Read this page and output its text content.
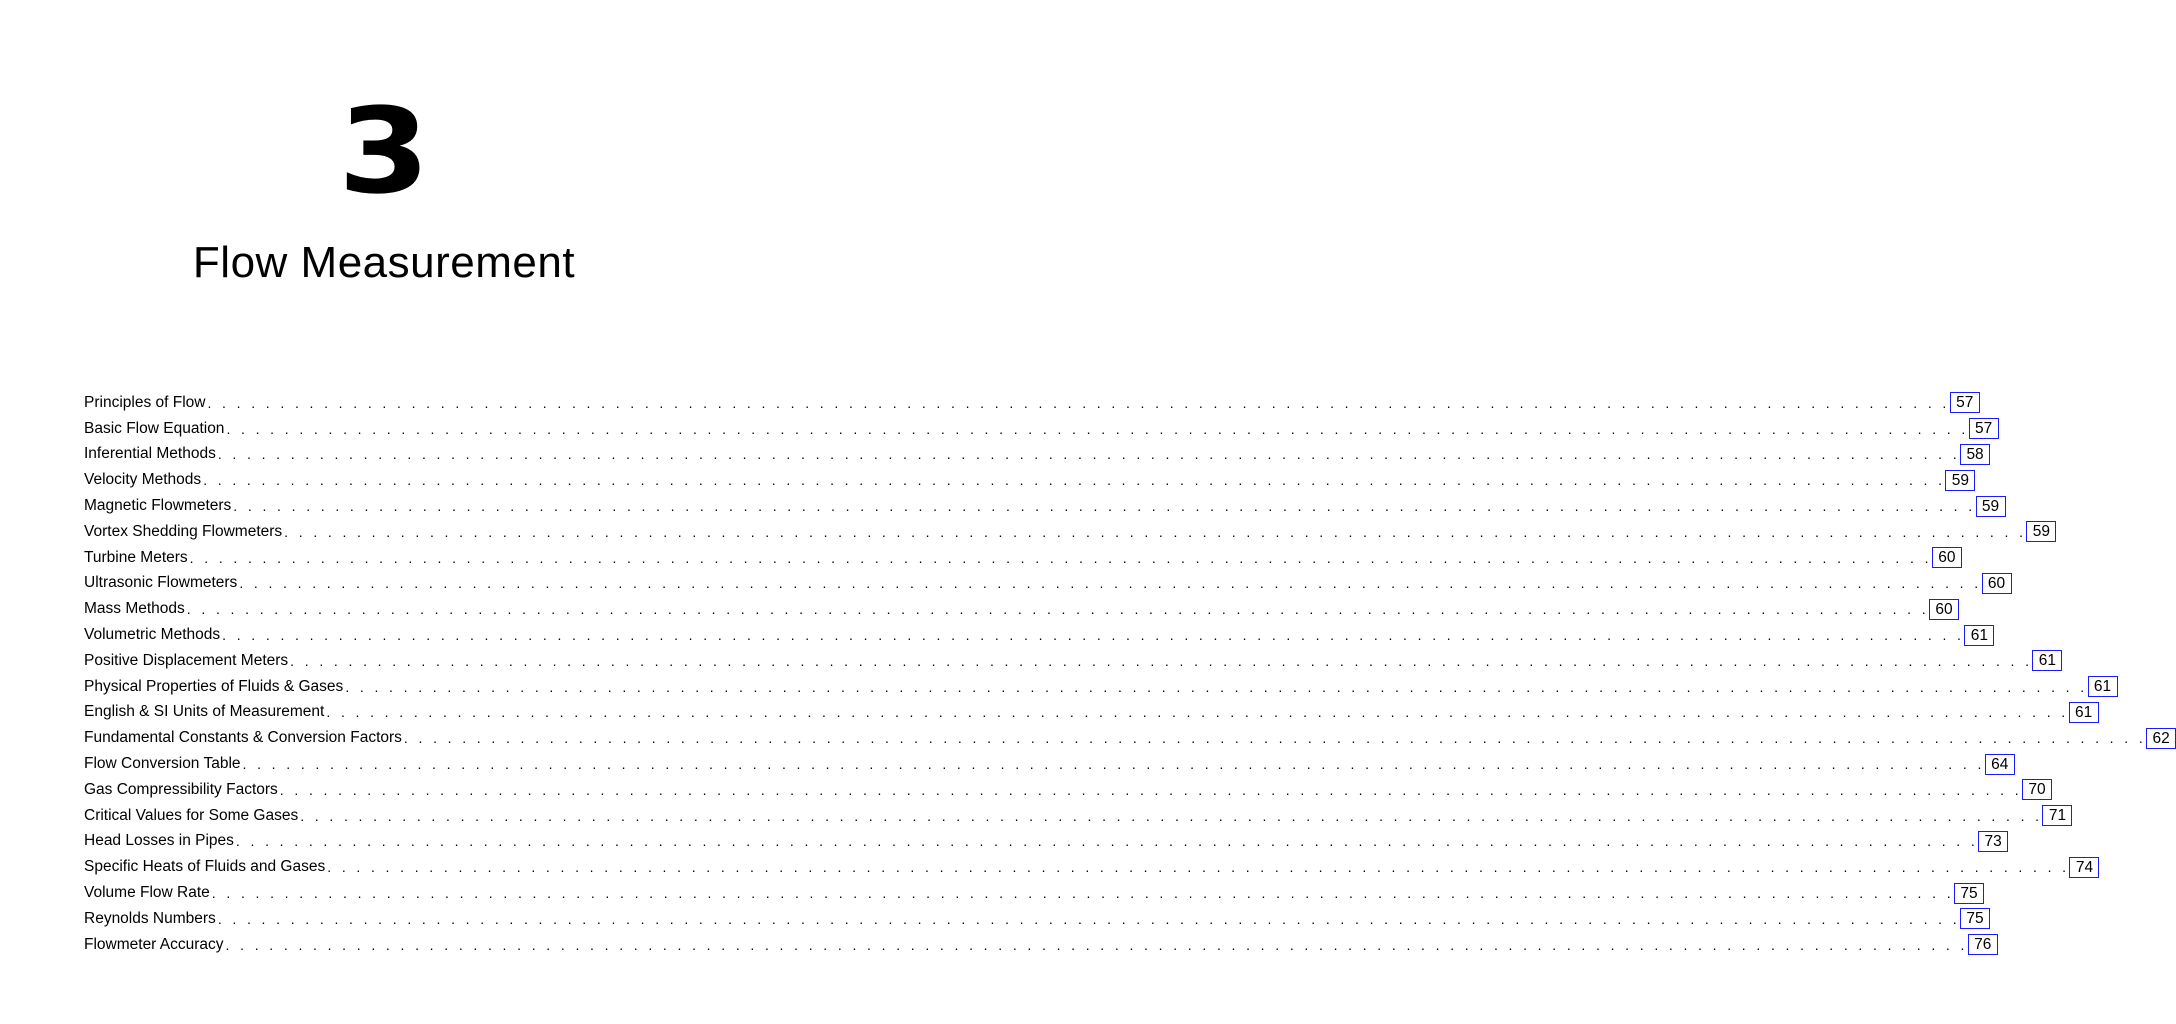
3
Flow Measurement
Principles of Flow . . . . . . . . . . . . . . . . . . . . . . . . . . . . . . . . . . . . . . . . . . . . . . . . . . . . . . . . . . . . . . . . . . . . . . . . . . . . . . . . . . . . . . . . . . . . . . . . . . . . . . . . . . . . . . . . . . . . . . . . 57
Basic Flow Equation . . . . . . . . . . . . . . . . . . . . . . . . . . . . . . . . . . . . . . . . . . . . . . . . . . . . . . . . . . . . . . . . . . . . . . . . . . . . . . . . . . . . . . . . . . . . . . . . . . . . . . . . . . . . . . . . . . . . . . . . 57
Inferential Methods . . . . . . . . . . . . . . . . . . . . . . . . . . . . . . . . . . . . . . . . . . . . . . . . . . . . . . . . . . . . . . . . . . . . . . . . . . . . . . . . . . . . . . . . . . . . . . . . . . . . . . . . . . . . . . . . . . . . . . . . 58
Velocity Methods . . . . . . . . . . . . . . . . . . . . . . . . . . . . . . . . . . . . . . . . . . . . . . . . . . . . . . . . . . . . . . . . . . . . . . . . . . . . . . . . . . . . . . . . . . . . . . . . . . . . . . . . . . . . . . . . . . . . . . . . 59
Magnetic Flowmeters . . . . . . . . . . . . . . . . . . . . . . . . . . . . . . . . . . . . . . . . . . . . . . . . . . . . . . . . . . . . . . . . . . . . . . . . . . . . . . . . . . . . . . . . . . . . . . . . . . . . . . . . . . . . . . . . . . . . . . . . 59
Vortex Shedding Flowmeters . . . . . . . . . . . . . . . . . . . . . . . . . . . . . . . . . . . . . . . . . . . . . . . . . . . . . . . . . . . . . . . . . . . . . . . . . . . . . . . . . . . . . . . . . . . . . . . . . . . . . . . . . . . . . . . . . . . . . . . . 59
Turbine Meters . . . . . . . . . . . . . . . . . . . . . . . . . . . . . . . . . . . . . . . . . . . . . . . . . . . . . . . . . . . . . . . . . . . . . . . . . . . . . . . . . . . . . . . . . . . . . . . . . . . . . . . . . . . . . . . . . . . . . . . . 60
Ultrasonic Flowmeters . . . . . . . . . . . . . . . . . . . . . . . . . . . . . . . . . . . . . . . . . . . . . . . . . . . . . . . . . . . . . . . . . . . . . . . . . . . . . . . . . . . . . . . . . . . . . . . . . . . . . . . . . . . . . . . . . . . . . . . . 60
Mass Methods . . . . . . . . . . . . . . . . . . . . . . . . . . . . . . . . . . . . . . . . . . . . . . . . . . . . . . . . . . . . . . . . . . . . . . . . . . . . . . . . . . . . . . . . . . . . . . . . . . . . . . . . . . . . . . . . . . . . . . . . 60
Volumetric Methods . . . . . . . . . . . . . . . . . . . . . . . . . . . . . . . . . . . . . . . . . . . . . . . . . . . . . . . . . . . . . . . . . . . . . . . . . . . . . . . . . . . . . . . . . . . . . . . . . . . . . . . . . . . . . . . . . . . . . . . . 61
Positive Displacement Meters . . . . . . . . . . . . . . . . . . . . . . . . . . . . . . . . . . . . . . . . . . . . . . . . . . . . . . . . . . . . . . . . . . . . . . . . . . . . . . . . . . . . . . . . . . . . . . . . . . . . . . . . . . . . . . . . . . . . . . . . 61
Physical Properties of Fluids & Gases . . . . . . . . . . . . . . . . . . . . . . . . . . . . . . . . . . . . . . . . . . . . . . . . . . . . . . . . . . . . . . . . . . . . . . . . . . . . . . . . . . . . . . . . . . . . . . . . . . . . . . . . . . . . . . . . . . . . . . . . 61
English & SI Units of Measurement . . . . . . . . . . . . . . . . . . . . . . . . . . . . . . . . . . . . . . . . . . . . . . . . . . . . . . . . . . . . . . . . . . . . . . . . . . . . . . . . . . . . . . . . . . . . . . . . . . . . . . . . . . . . . . . . . . . . . . . . 61
Fundamental Constants & Conversion Factors . . . . . . . . . . . . . . . . . . . . . . . . . . . . . . . . . . . . . . . . . . . . . . . . . . . . . . . . . . . . . . . . . . . . . . . . . . . . . . . . . . . . . . . . . . . . . . . . . . . . . . . . . . . . . . . . . . . . . . . . 62
Flow Conversion Table . . . . . . . . . . . . . . . . . . . . . . . . . . . . . . . . . . . . . . . . . . . . . . . . . . . . . . . . . . . . . . . . . . . . . . . . . . . . . . . . . . . . . . . . . . . . . . . . . . . . . . . . . . . . . . . . . . . . . . . . 64
Gas Compressibility Factors . . . . . . . . . . . . . . . . . . . . . . . . . . . . . . . . . . . . . . . . . . . . . . . . . . . . . . . . . . . . . . . . . . . . . . . . . . . . . . . . . . . . . . . . . . . . . . . . . . . . . . . . . . . . . . . . . . . . . . . . 70
Critical Values for Some Gases . . . . . . . . . . . . . . . . . . . . . . . . . . . . . . . . . . . . . . . . . . . . . . . . . . . . . . . . . . . . . . . . . . . . . . . . . . . . . . . . . . . . . . . . . . . . . . . . . . . . . . . . . . . . . . . . . . . . . . . . 71
Head Losses in Pipes . . . . . . . . . . . . . . . . . . . . . . . . . . . . . . . . . . . . . . . . . . . . . . . . . . . . . . . . . . . . . . . . . . . . . . . . . . . . . . . . . . . . . . . . . . . . . . . . . . . . . . . . . . . . . . . . . . . . . . . . 73
Specific Heats of Fluids and Gases . . . . . . . . . . . . . . . . . . . . . . . . . . . . . . . . . . . . . . . . . . . . . . . . . . . . . . . . . . . . . . . . . . . . . . . . . . . . . . . . . . . . . . . . . . . . . . . . . . . . . . . . . . . . . . . . . . . . . . . . 74
Volume Flow Rate . . . . . . . . . . . . . . . . . . . . . . . . . . . . . . . . . . . . . . . . . . . . . . . . . . . . . . . . . . . . . . . . . . . . . . . . . . . . . . . . . . . . . . . . . . . . . . . . . . . . . . . . . . . . . . . . . . . . . . . . 75
Reynolds Numbers . . . . . . . . . . . . . . . . . . . . . . . . . . . . . . . . . . . . . . . . . . . . . . . . . . . . . . . . . . . . . . . . . . . . . . . . . . . . . . . . . . . . . . . . . . . . . . . . . . . . . . . . . . . . . . . . . . . . . . . . 75
Flowmeter Accuracy . . . . . . . . . . . . . . . . . . . . . . . . . . . . . . . . . . . . . . . . . . . . . . . . . . . . . . . . . . . . . . . . . . . . . . . . . . . . . . . . . . . . . . . . . . . . . . . . . . . . . . . . . . . . . . . . . . . . . . . . 76
